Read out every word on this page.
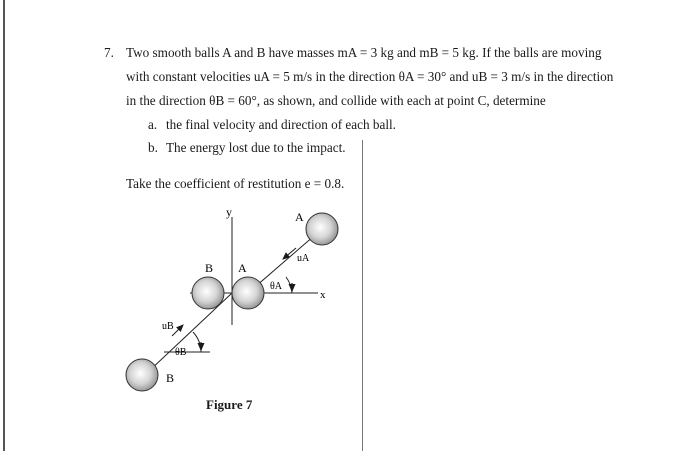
7. Two smooth balls A and B have masses mA = 3 kg and mB = 5 kg. If the balls are moving
with constant velocities uA = 5 m/s in the direction θA = 30° and uB = 3 m/s in the direction
in the direction θB = 60°, as shown, and collide with each at point C, determine
a. the final velocity and direction of each ball.
b. The energy lost due to the impact.
Take the coefficient of restitution e = 0.8.
y
x
A
B A
B
uA
uB
θA
θB
Figure 7
